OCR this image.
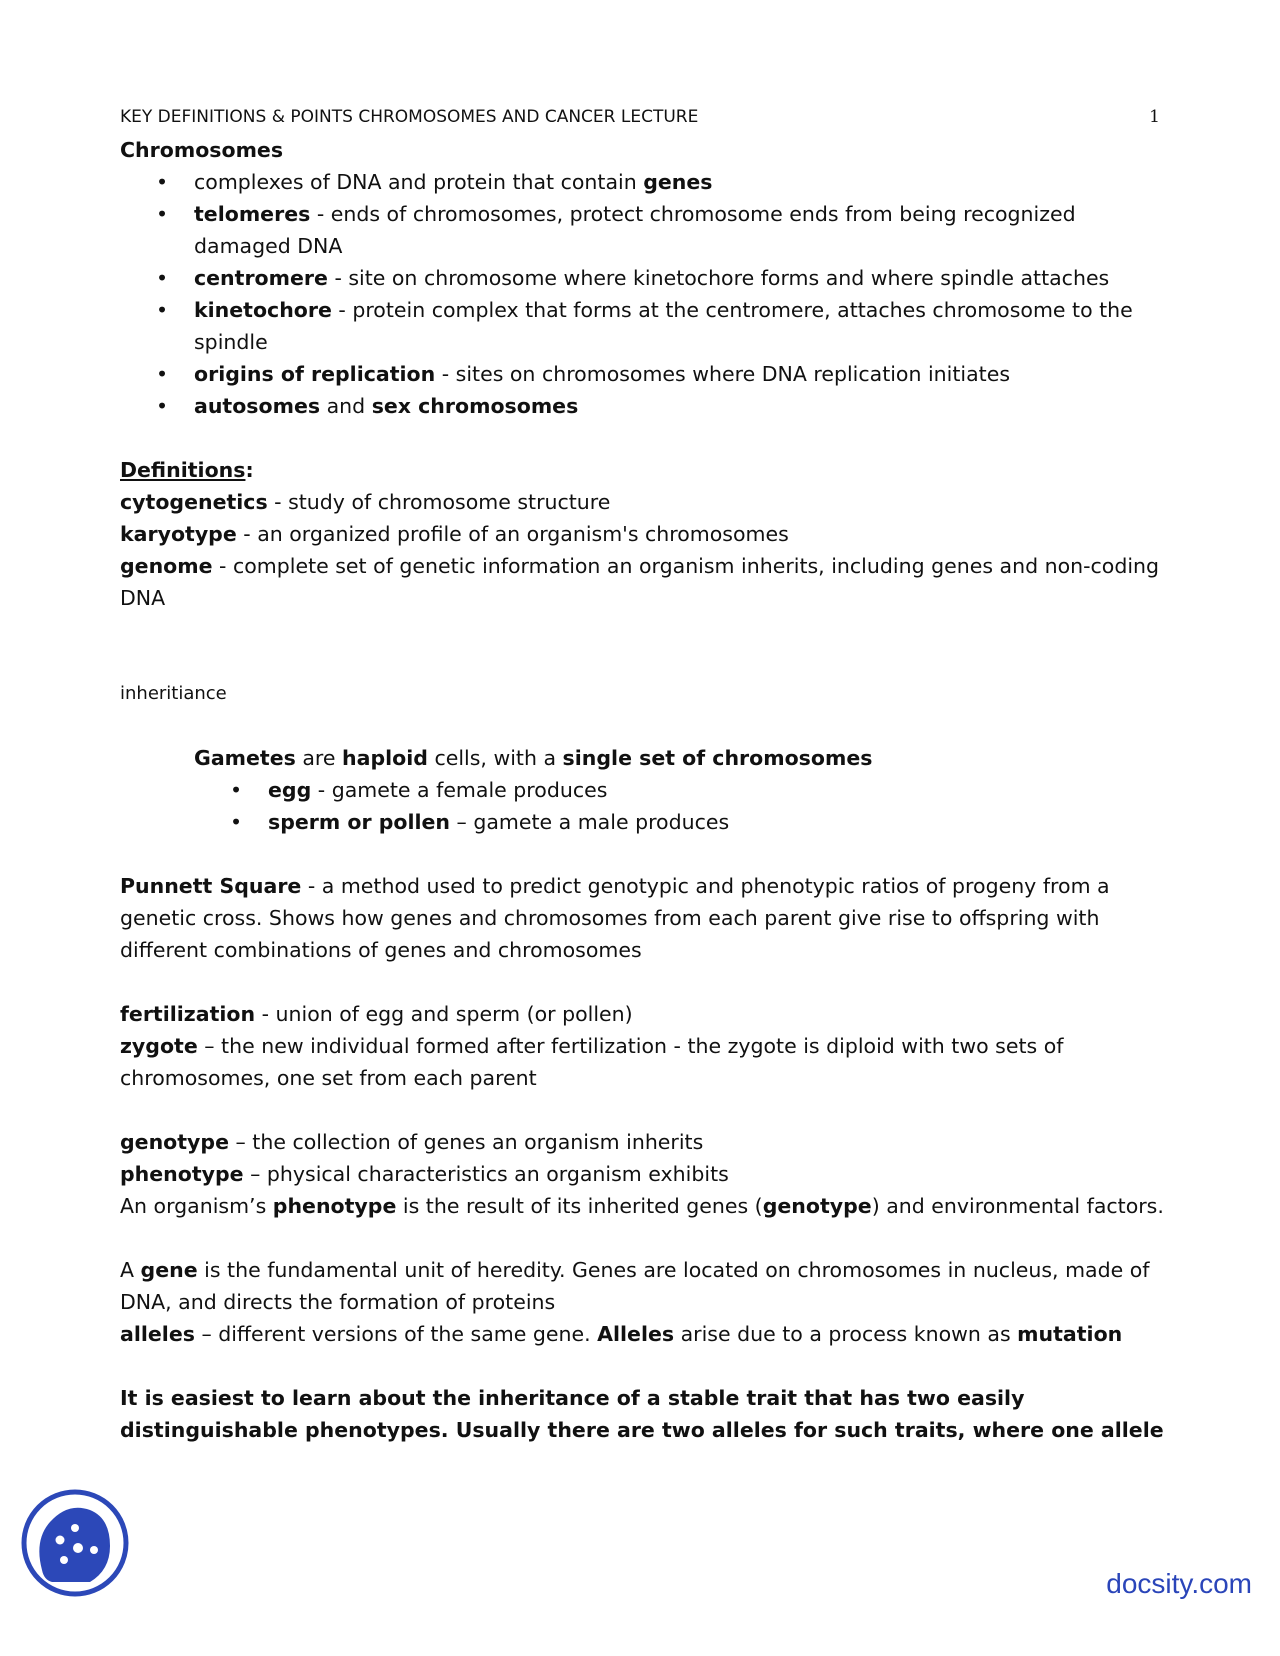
KEY DEFINITIONS & POINTS CHROMOSOMES AND CANCER LECTURE	1

Chromosomes

• complexes of DNA and protein that contain genes
• telomeres - ends of chromosomes, protect chromosome ends from being recognized damaged DNA
• centromere - site on chromosome where kinetochore forms and where spindle attaches
• kinetochore - protein complex that forms at the centromere, attaches chromosome to the spindle
• origins of replication - sites on chromosomes where DNA replication initiates
• autosomes and sex chromosomes

Definitions:

cytogenetics - study of chromosome structure

karyotype - an organized profile of an organism's chromosomes

genome - complete set of genetic information an organism inherits, including genes and non-coding DNA

inheritiance

Gametes are haploid cells, with a single set of chromosomes

• egg - gamete a female produces
• sperm or pollen – gamete a male produces

Punnett Square - a method used to predict genotypic and phenotypic ratios of progeny from a genetic cross. Shows how genes and chromosomes from each parent give rise to offspring with different combinations of genes and chromosomes

fertilization - union of egg and sperm (or pollen)

zygote – the new individual formed after fertilization - the zygote is diploid with two sets of chromosomes, one set from each parent

genotype – the collection of genes an organism inherits

phenotype – physical characteristics an organism exhibits

An organism’s phenotype is the result of its inherited genes (genotype) and environmental factors.

A gene is the fundamental unit of heredity. Genes are located on chromosomes in nucleus, made of DNA, and directs the formation of proteins

alleles – different versions of the same gene. Alleles arise due to a process known as mutation

It is easiest to learn about the inheritance of a stable trait that has two easily distinguishable phenotypes. Usually there are two alleles for such traits, where one allele

docsity.com
